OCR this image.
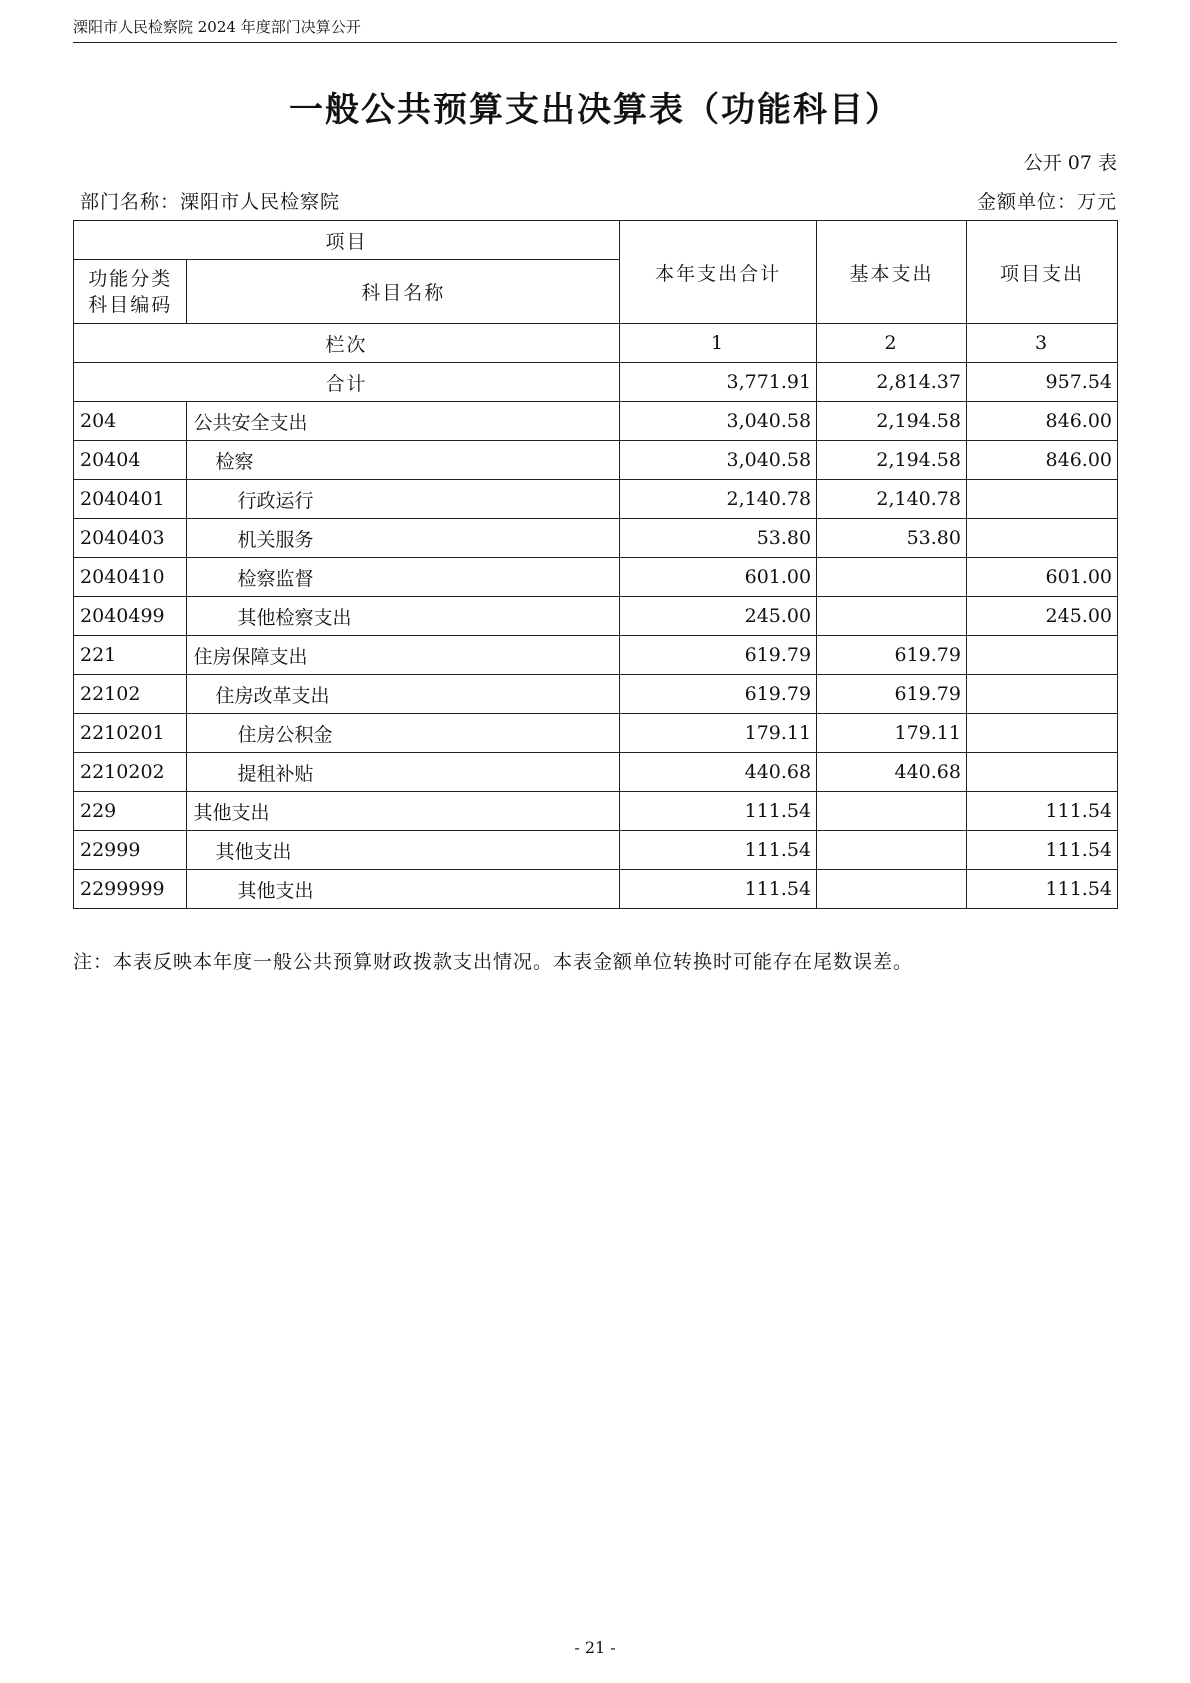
溧阳市人民检察院 2024 年度部门决算公开
一般公共预算支出决算表（功能科目）
公开 07 表
部门名称：溧阳市人民检察院	金额单位：万元
项目		本年支出合计	基本支出	项目支出

功能分类
科目编码	科目名称			
栏次		1	2	3
合计		3,771.91	2,814.37	957.54
204	公共安全支出	3,040.58	2,194.58	846.00
20404	检察	3,040.58	2,194.58	846.00
2040401	行政运行	2,140.78	2,140.78	
2040403	机关服务	53.80	53.80	
2040410	检察监督	601.00		601.00
2040499	其他检察支出	245.00		245.00
221	住房保障支出	619.79	619.79	
22102	住房改革支出	619.79	619.79	
2210201	住房公积金	179.11	179.11	
2210202	提租补贴	440.68	440.68	
229	其他支出	111.54		111.54
22999	其他支出	111.54		111.54
2299999	其他支出	111.54		111.54
注：本表反映本年度一般公共预算财政拨款支出情况。本表金额单位转换时可能存在尾数误差。
- 21 -
